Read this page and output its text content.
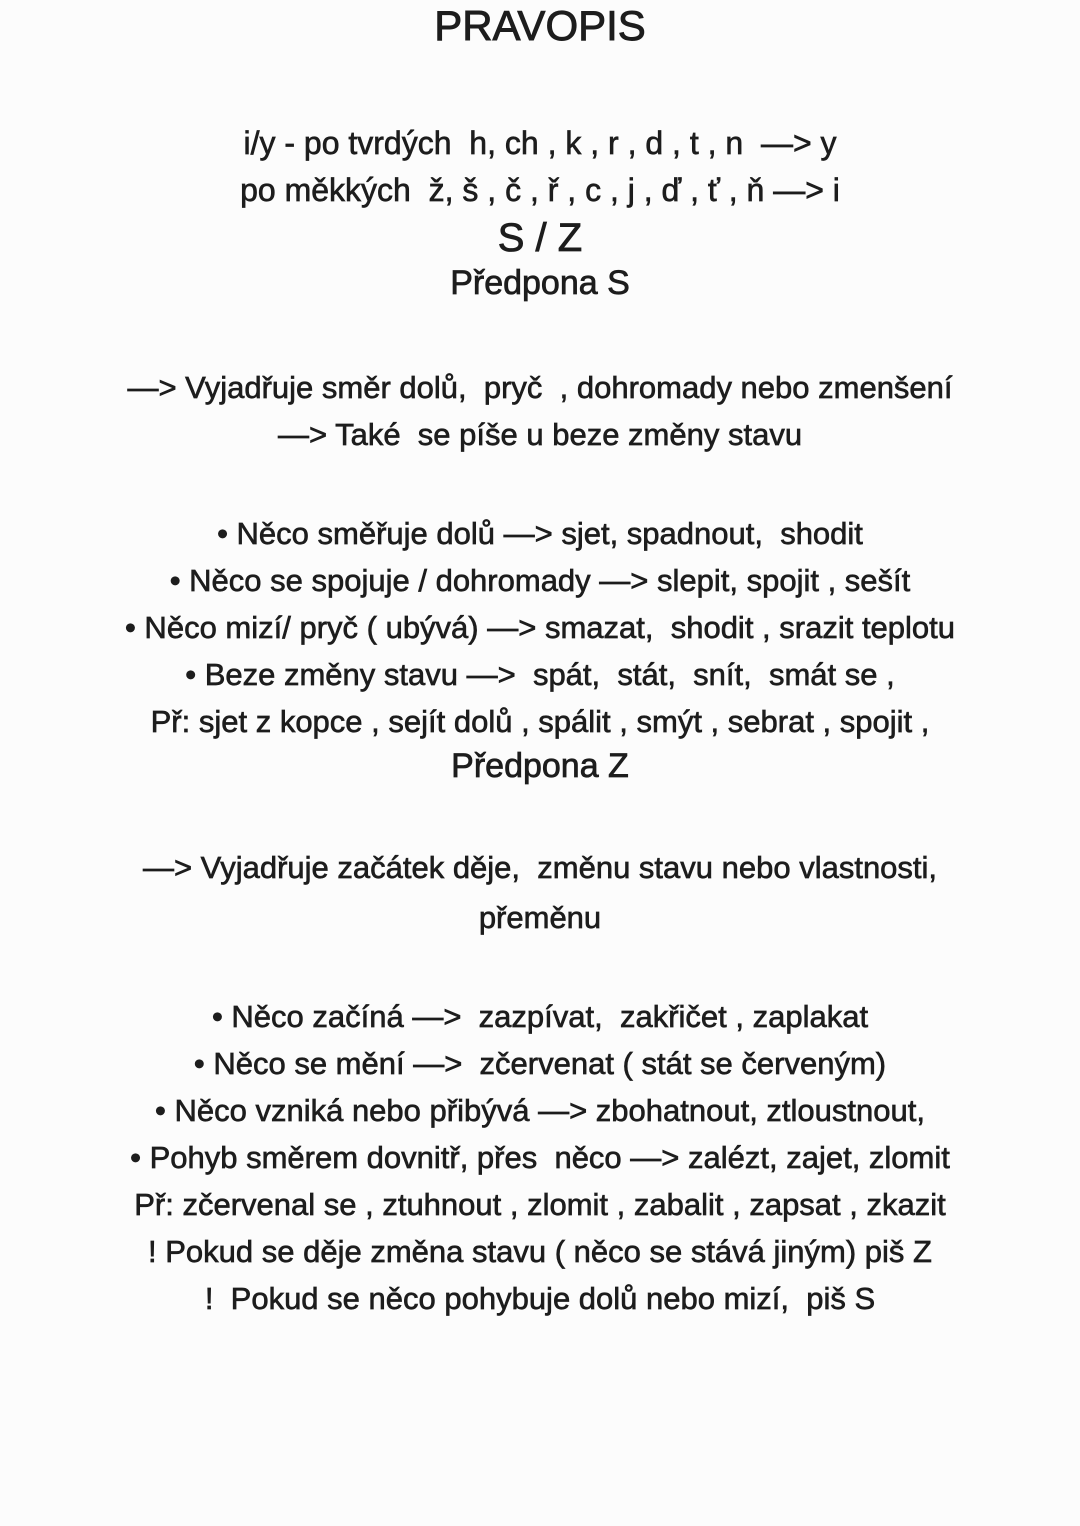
PRAVOPIS

i/y - po tvrdých  h, ch , k , r , d , t , n  —> y

po měkkých  ž, š , č , ř , c , j , ď , ť , ň —> i

S / Z
Předpona S

—> Vyjadřuje směr dolů,  pryč  , dohromady nebo zmenšení

—> Také  se píše u beze změny stavu

• Něco směřuje dolů —> sjet, spadnout,  shodit

• Něco se spojuje / dohromady —> slepit, spojit , sešít

• Něco mizí/ pryč ( ubývá) —> smazat,  shodit , srazit teplotu

• Beze změny stavu —>  spát,  stát,  snít,  smát se ,

Př: sjet z kopce , sejít dolů , spálit , smýt , sebrat , spojit ,

Předpona Z

—> Vyjadřuje začátek děje,  změnu stavu nebo vlastnosti,

přeměnu

• Něco začíná —>  zazpívat,  zakřičet , zaplakat

• Něco se mění —>  zčervenat ( stát se červeným)

• Něco vzniká nebo přibývá —> zbohatnout, ztloustnout,

• Pohyb směrem dovnitř, přes  něco —> zalézt, zajet, zlomit

Př: zčervenal se , ztuhnout , zlomit , zabalit , zapsat , zkazit

! Pokud se děje změna stavu ( něco se stává jiným) piš Z

!  Pokud se něco pohybuje dolů nebo mizí,  piš S
